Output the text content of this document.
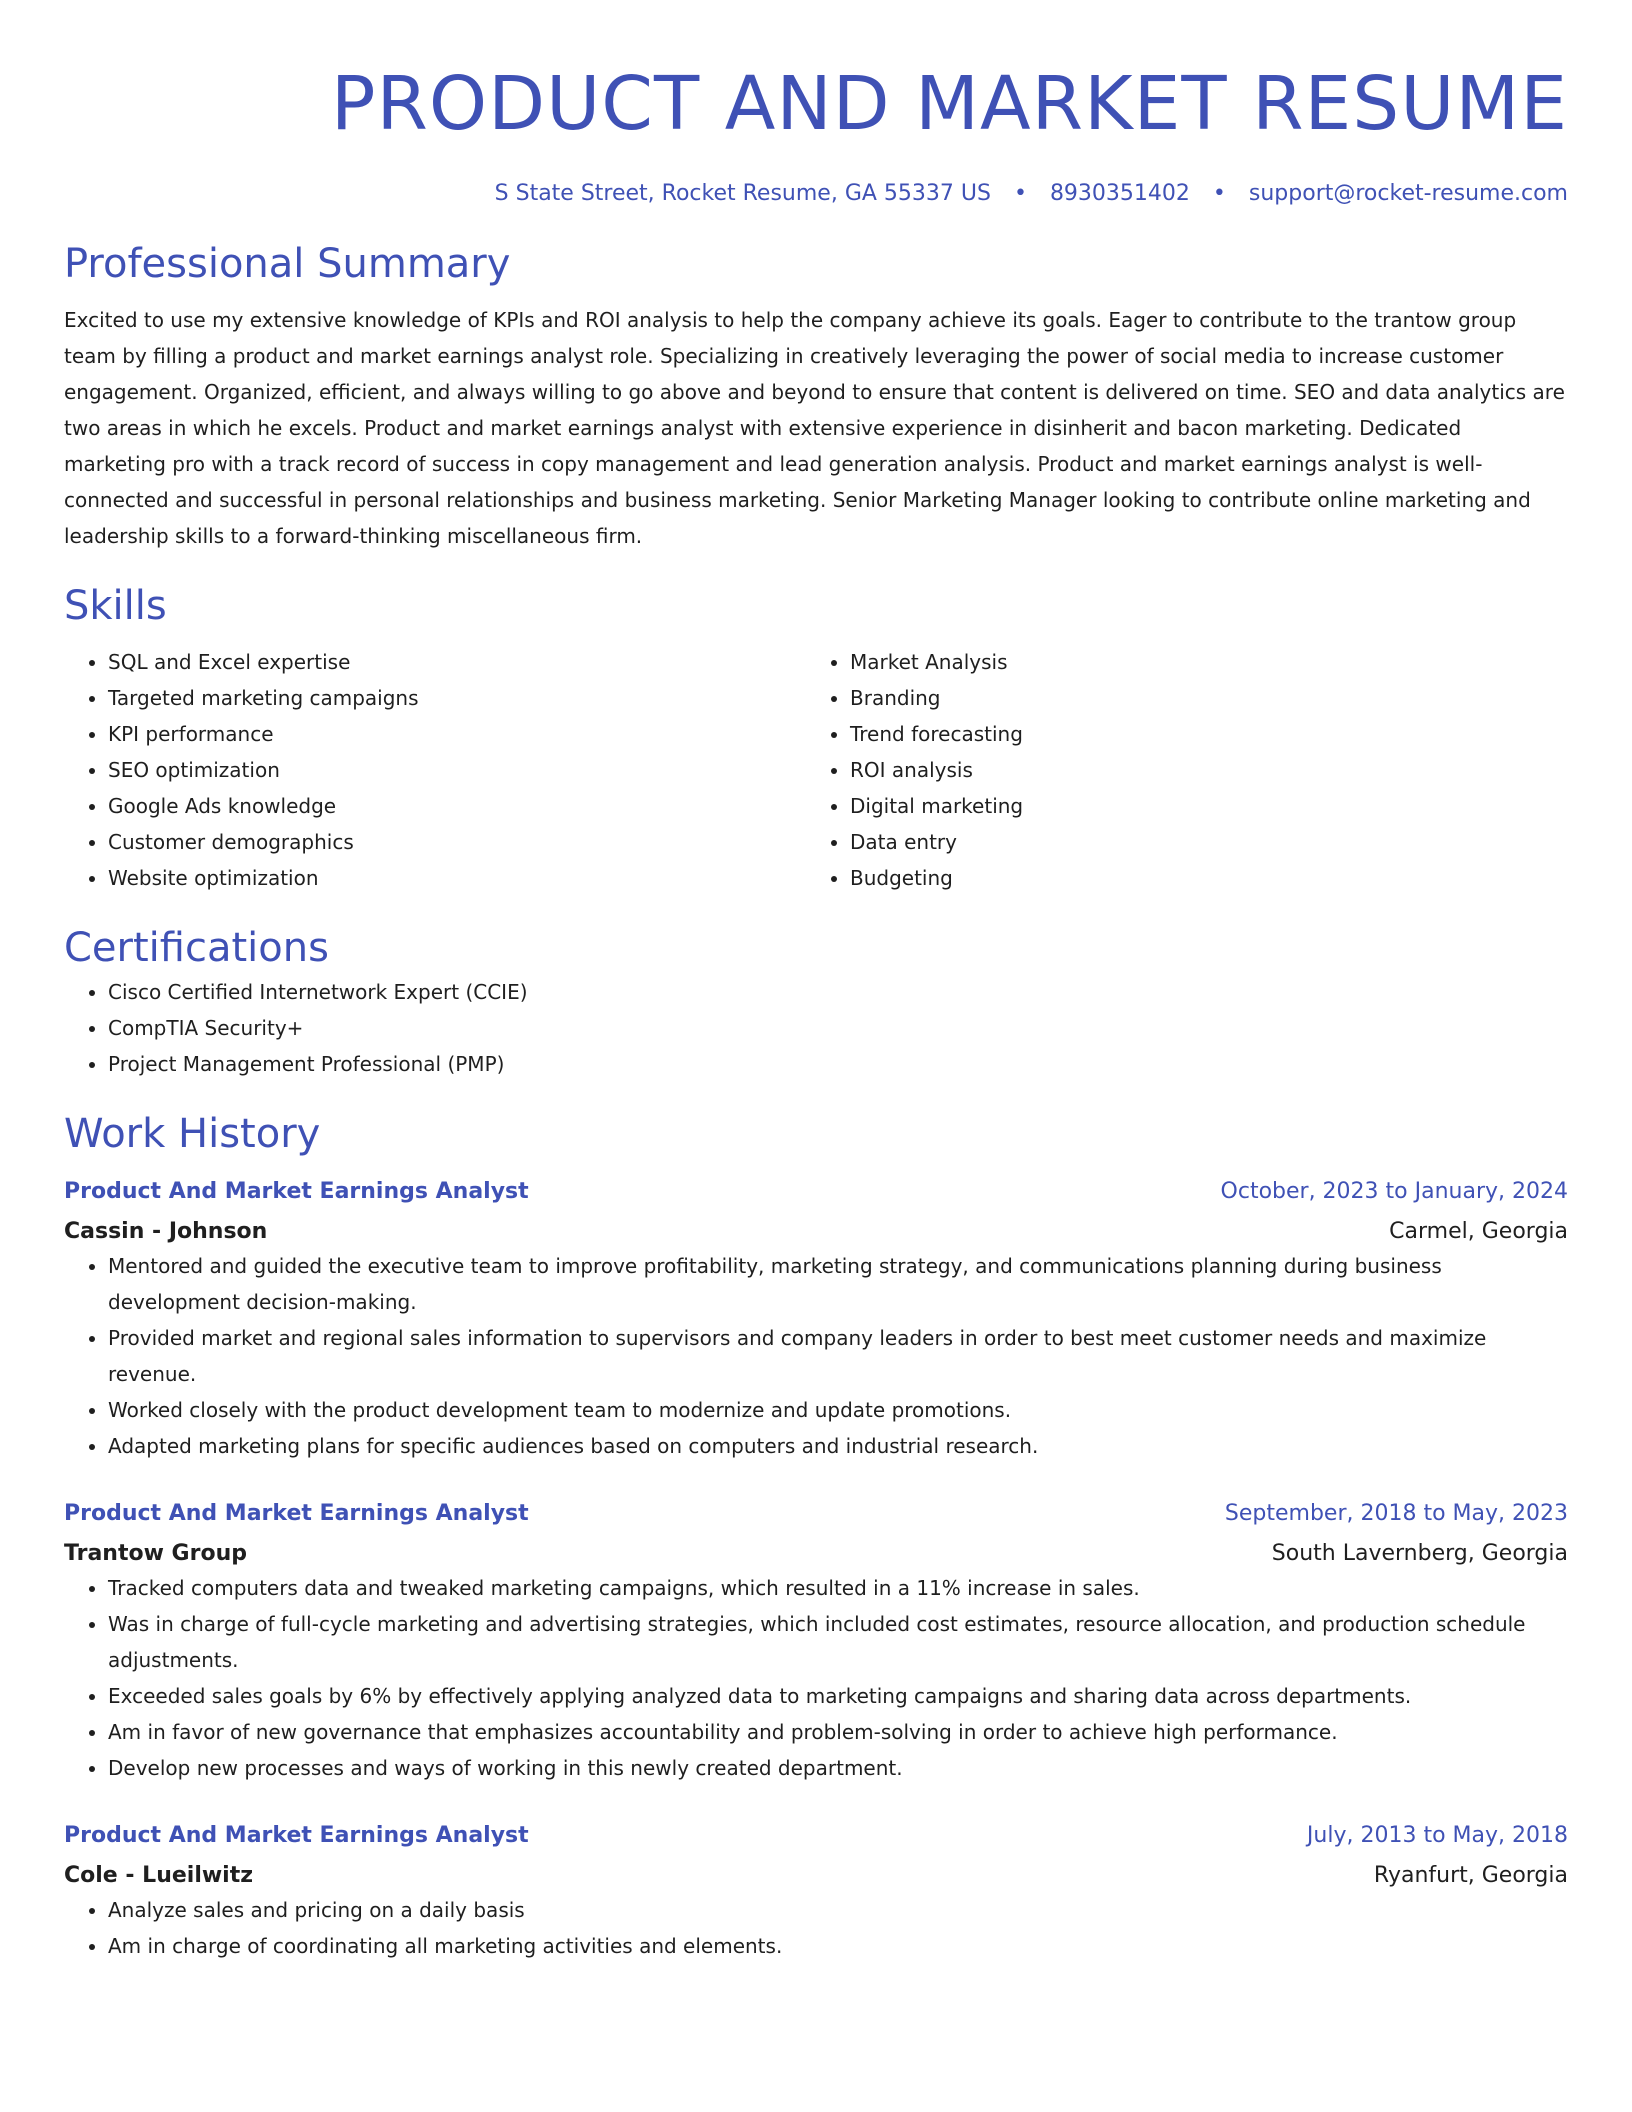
PRODUCT AND MARKET RESUME
S State Street, Rocket Resume, GA 55337 US • 8930351402 • support@rocket-resume.com
Professional Summary
Excited to use my extensive knowledge of KPIs and ROI analysis to help the company achieve its goals. Eager to contribute to the trantow group team by filling a product and market earnings analyst role. Specializing in creatively leveraging the power of social media to increase customer engagement. Organized, efficient, and always willing to go above and beyond to ensure that content is delivered on time. SEO and data analytics are two areas in which he excels. Product and market earnings analyst with extensive experience in disinherit and bacon marketing. Dedicated marketing pro with a track record of success in copy management and lead generation analysis. Product and market earnings analyst is well-connected and successful in personal relationships and business marketing. Senior Marketing Manager looking to contribute online marketing and leadership skills to a forward-thinking miscellaneous firm.
Skills
• SQL and Excel expertise
• Targeted marketing campaigns
• KPI performance
• SEO optimization
• Google Ads knowledge
• Customer demographics
• Website optimization
• Market Analysis
• Branding
• Trend forecasting
• ROI analysis
• Digital marketing
• Data entry
• Budgeting
Certifications
• Cisco Certified Internetwork Expert (CCIE)
• CompTIA Security+
• Project Management Professional (PMP)
Work History
Product And Market Earnings Analyst	October, 2023 to January, 2024
Cassin - Johnson	Carmel, Georgia
• Mentored and guided the executive team to improve profitability, marketing strategy, and communications planning during business development decision-making.
• Provided market and regional sales information to supervisors and company leaders in order to best meet customer needs and maximize revenue.
• Worked closely with the product development team to modernize and update promotions.
• Adapted marketing plans for specific audiences based on computers and industrial research.
Product And Market Earnings Analyst	September, 2018 to May, 2023
Trantow Group	South Lavernberg, Georgia
• Tracked computers data and tweaked marketing campaigns, which resulted in a 11% increase in sales.
• Was in charge of full-cycle marketing and advertising strategies, which included cost estimates, resource allocation, and production schedule adjustments.
• Exceeded sales goals by 6% by effectively applying analyzed data to marketing campaigns and sharing data across departments.
• Am in favor of new governance that emphasizes accountability and problem-solving in order to achieve high performance.
• Develop new processes and ways of working in this newly created department.
Product And Market Earnings Analyst	July, 2013 to May, 2018
Cole - Lueilwitz	Ryanfurt, Georgia
• Analyze sales and pricing on a daily basis
• Am in charge of coordinating all marketing activities and elements.
